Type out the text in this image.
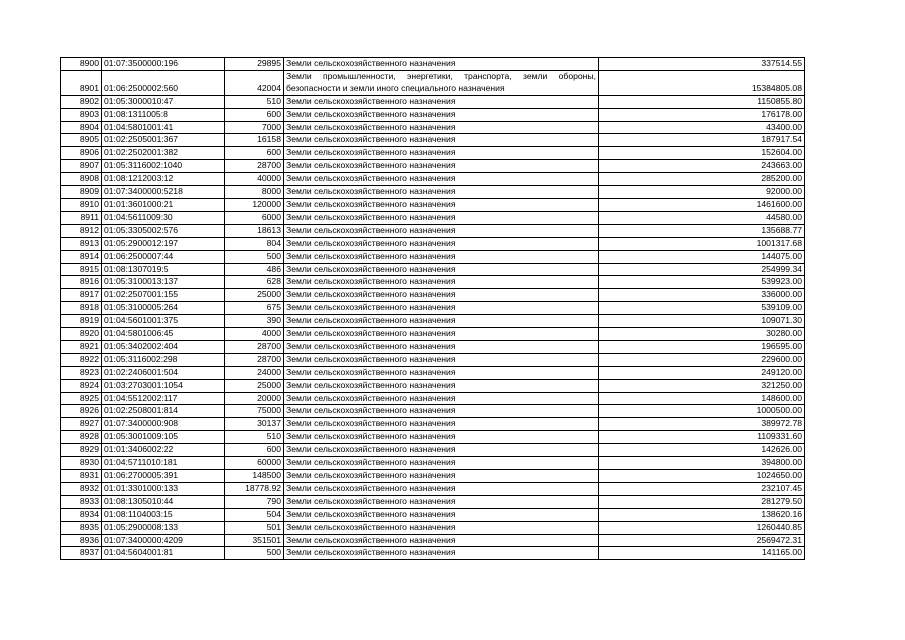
8900	01:07:3500000:196	29895	Земли сельскохозяйственного назначения	337514.55
8901	01:06:2500002:560	42004	Земли промышленности, энергетики, транспорта, земли обороны, безопасности и земли иного специального назначения	15384805.08
8902	01:05:3000010:47	510	Земли сельскохозяйственного назначения	1150855.80
8903	01:08:1311005:8	600	Земли сельскохозяйственного назначения	176178.00
8904	01:04:5801001:41	7000	Земли сельскохозяйственного назначения	43400.00
8905	01:02:2505001:367	16158	Земли сельскохозяйственного назначения	187917.54
8906	01:02:2502001:382	600	Земли сельскохозяйственного назначения	152604.00
8907	01:05:3116002:1040	28700	Земли сельскохозяйственного назначения	243663.00
8908	01:08:1212003:12	40000	Земли сельскохозяйственного назначения	285200.00
8909	01:07:3400000:5218	8000	Земли сельскохозяйственного назначения	92000.00
8910	01:01:3601000:21	120000	Земли сельскохозяйственного назначения	1461600.00
8911	01:04:5611009:30	6000	Земли сельскохозяйственного назначения	44580.00
8912	01:05:3305002:576	18613	Земли сельскохозяйственного назначения	135688.77
8913	01:05:2900012:197	804	Земли сельскохозяйственного назначения	1001317.68
8914	01:06:2500007:44	500	Земли сельскохозяйственного назначения	144075.00
8915	01:08:1307019:5	486	Земли сельскохозяйственного назначения	254999.34
8916	01:05:3100013:137	628	Земли сельскохозяйственного назначения	539923.00
8917	01:02:2507001:155	25000	Земли сельскохозяйственного назначения	336000.00
8918	01:05:3100005:264	675	Земли сельскохозяйственного назначения	539109.00
8919	01:04:5601001:375	390	Земли сельскохозяйственного назначения	109071.30
8920	01:04:5801006:45	4000	Земли сельскохозяйственного назначения	30280.00
8921	01:05:3402002:404	28700	Земли сельскохозяйственного назначения	196595.00
8922	01:05:3116002:298	28700	Земли сельскохозяйственного назначения	229600.00
8923	01:02:2406001:504	24000	Земли сельскохозяйственного назначения	249120.00
8924	01:03:2703001:1054	25000	Земли сельскохозяйственного назначения	321250.00
8925	01:04:5512002:117	20000	Земли сельскохозяйственного назначения	148600.00
8926	01:02:2508001:814	75000	Земли сельскохозяйственного назначения	1000500.00
8927	01:07:3400000:908	30137	Земли сельскохозяйственного назначения	389972.78
8928	01:05:3001009:105	510	Земли сельскохозяйственного назначения	1109331.60
8929	01:01:3406002:22	600	Земли сельскохозяйственного назначения	142626.00
8930	01:04:5711010:181	60000	Земли сельскохозяйственного назначения	394800.00
8931	01:06:2700005:391	148500	Земли сельскохозяйственного назначения	1024650.00
8932	01:01:3301000:133	18778.92	Земли сельскохозяйственного назначения	232107.45
8933	01:08:1305010:44	790	Земли сельскохозяйственного назначения	281279.50
8934	01:08:1104003:15	504	Земли сельскохозяйственного назначения	138620.16
8935	01:05:2900008:133	501	Земли сельскохозяйственного назначения	1260440.85
8936	01:07:3400000:4209	351501	Земли сельскохозяйственного назначения	2569472.31
8937	01:04:5604001:81	500	Земли сельскохозяйственного назначения	141165.00
